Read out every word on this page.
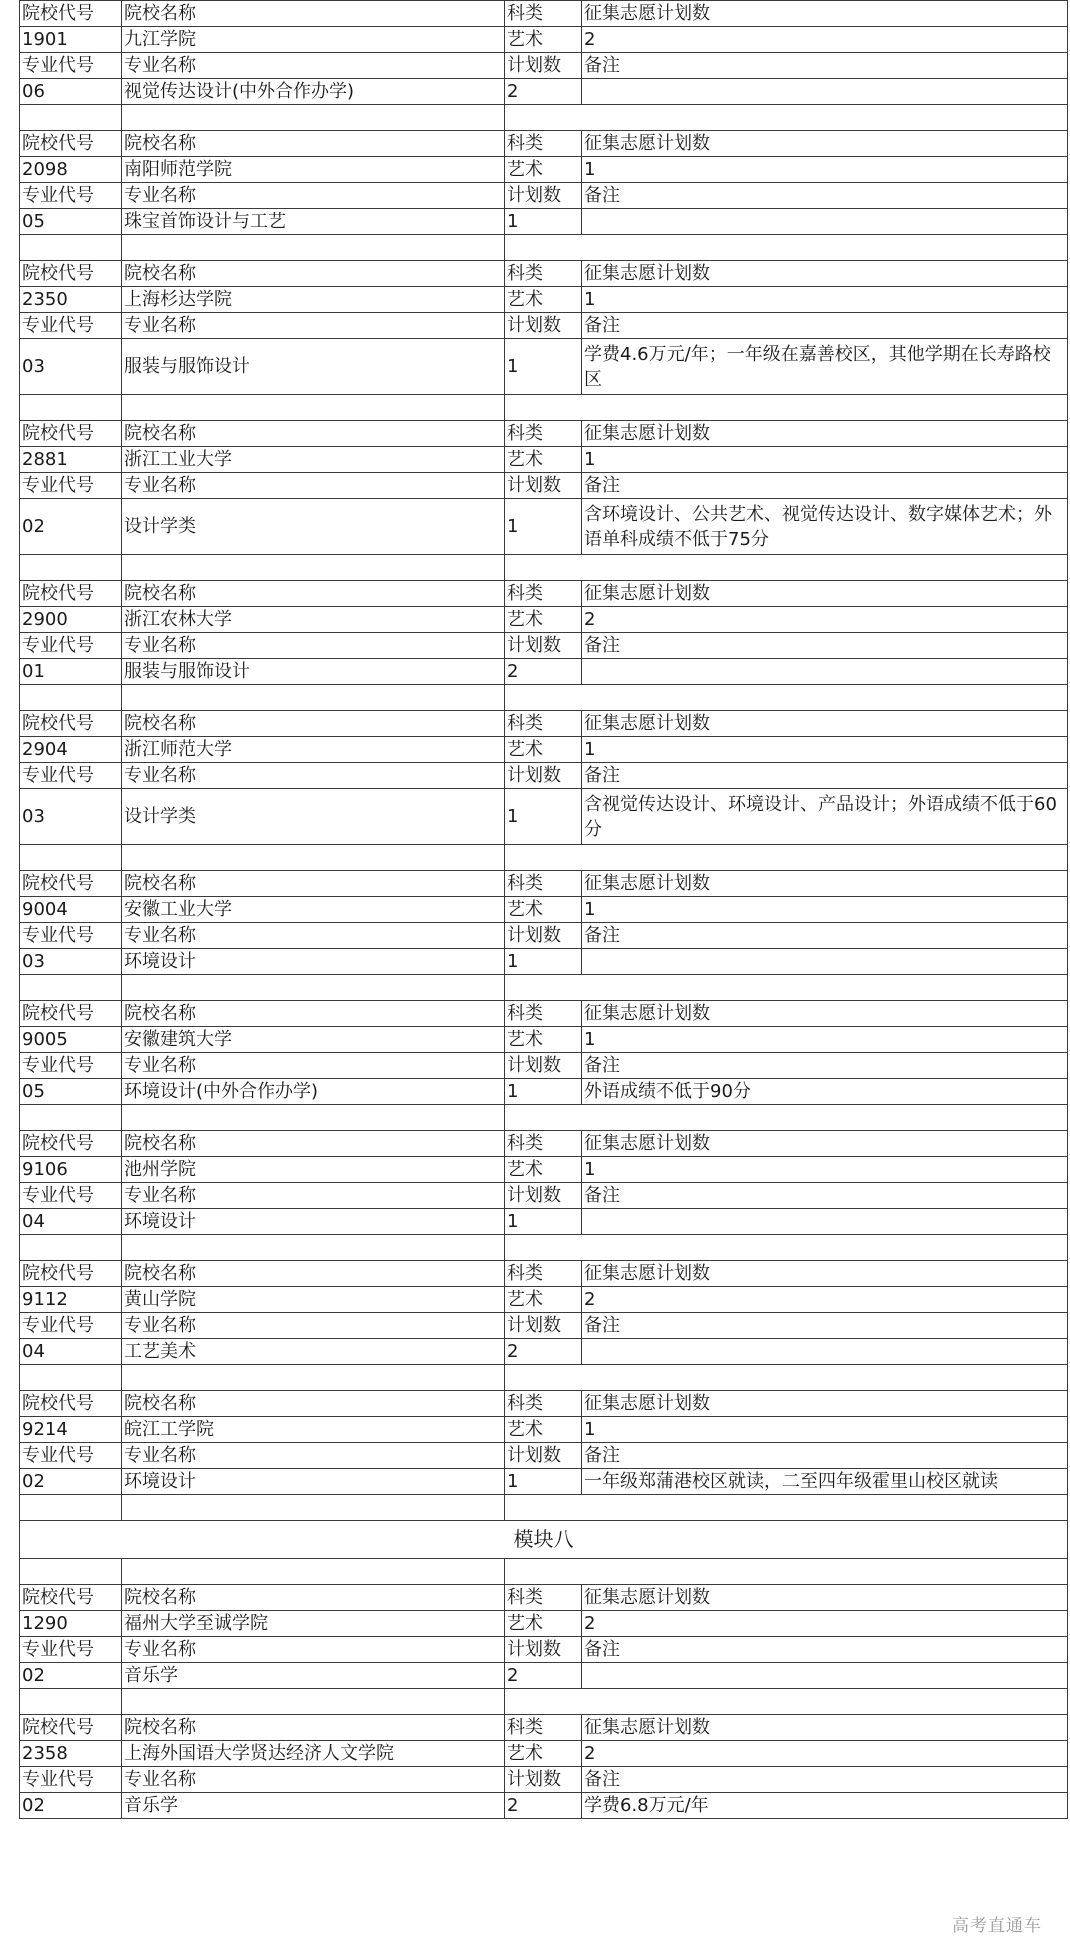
院校代号	院校名称	科类	征集志愿计划数
1901	九江学院	艺术	2
专业代号	专业名称	计划数	备注
06	视觉传达设计(中外合作办学)	2	

院校代号	院校名称	科类	征集志愿计划数
2098	南阳师范学院	艺术	1
专业代号	专业名称	计划数	备注
05	珠宝首饰设计与工艺	1	

院校代号	院校名称	科类	征集志愿计划数
2350	上海杉达学院	艺术	1
专业代号	专业名称	计划数	备注
03	服装与服饰设计	1	学费4.6万元/年；一年级在嘉善校区，其他学期在长寿路校区

院校代号	院校名称	科类	征集志愿计划数
2881	浙江工业大学	艺术	1
专业代号	专业名称	计划数	备注
02	设计学类	1	含环境设计、公共艺术、视觉传达设计、数字媒体艺术；外语单科成绩不低于75分

院校代号	院校名称	科类	征集志愿计划数
2900	浙江农林大学	艺术	2
专业代号	专业名称	计划数	备注
01	服装与服饰设计	2	

院校代号	院校名称	科类	征集志愿计划数
2904	浙江师范大学	艺术	1
专业代号	专业名称	计划数	备注
03	设计学类	1	含视觉传达设计、环境设计、产品设计；外语成绩不低于60分

院校代号	院校名称	科类	征集志愿计划数
9004	安徽工业大学	艺术	1
专业代号	专业名称	计划数	备注
03	环境设计	1	

院校代号	院校名称	科类	征集志愿计划数
9005	安徽建筑大学	艺术	1
专业代号	专业名称	计划数	备注
05	环境设计(中外合作办学)	1	外语成绩不低于90分

院校代号	院校名称	科类	征集志愿计划数
9106	池州学院	艺术	1
专业代号	专业名称	计划数	备注
04	环境设计	1	

院校代号	院校名称	科类	征集志愿计划数
9112	黄山学院	艺术	2
专业代号	专业名称	计划数	备注
04	工艺美术	2	

院校代号	院校名称	科类	征集志愿计划数
9214	皖江工学院	艺术	1
专业代号	专业名称	计划数	备注
02	环境设计	1	一年级郑蒲港校区就读，二至四年级霍里山校区就读

模块八			

院校代号	院校名称	科类	征集志愿计划数
1290	福州大学至诚学院	艺术	2
专业代号	专业名称	计划数	备注
02	音乐学	2	

院校代号	院校名称	科类	征集志愿计划数
2358	上海外国语大学贤达经济人文学院	艺术	2
专业代号	专业名称	计划数	备注
02	音乐学	2	学费6.8万元/年
高考直通车
